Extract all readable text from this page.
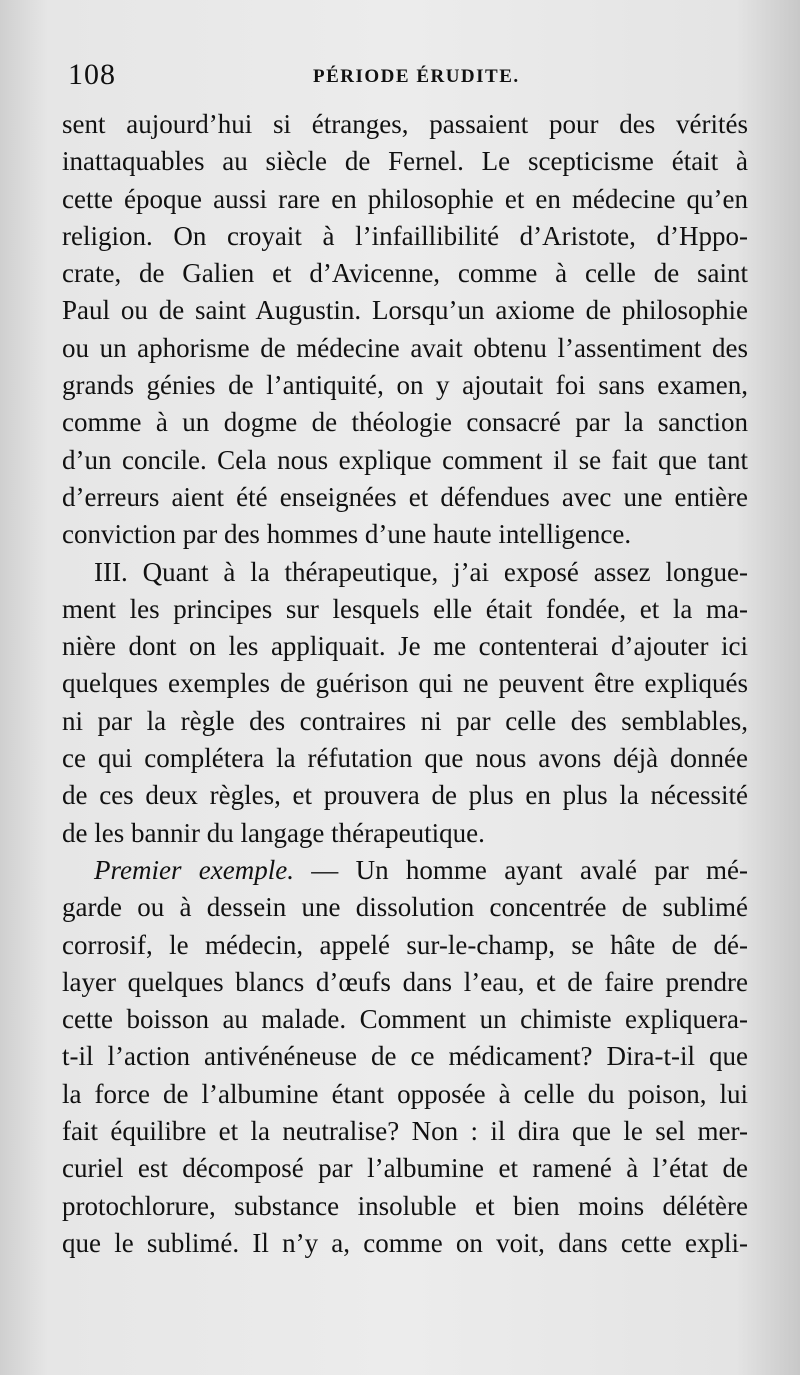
108	PÉRIODE ÉRUDITE.
sent aujourd’hui si étranges, passaient pour des vérités
inattaquables au siècle de Fernel. Le scepticisme était à
cette époque aussi rare en philosophie et en médecine qu’en
religion. On croyait à l’infaillibilité d’Aristote, d’Hppo-
crate, de Galien et d’Avicenne, comme à celle de saint
Paul ou de saint Augustin. Lorsqu’un axiome de philosophie
ou un aphorisme de médecine avait obtenu l’assentiment des
grands génies de l’antiquité, on y ajoutait foi sans examen,
comme à un dogme de théologie consacré par la sanction
d’un concile. Cela nous explique comment il se fait que tant
d’erreurs aient été enseignées et défendues avec une entière
conviction par des hommes d’une haute intelligence.
III. Quant à la thérapeutique, j’ai exposé assez longue-
ment les principes sur lesquels elle était fondée, et la ma-
nière dont on les appliquait. Je me contenterai d’ajouter ici
quelques exemples de guérison qui ne peuvent être expliqués
ni par la règle des contraires ni par celle des semblables,
ce qui complétera la réfutation que nous avons déjà donnée
de ces deux règles, et prouvera de plus en plus la nécessité
de les bannir du langage thérapeutique.
Premier exemple. — Un homme ayant avalé par mé-
garde ou à dessein une dissolution concentrée de sublimé
corrosif, le médecin, appelé sur-le-champ, se hâte de dé-
layer quelques blancs d’œufs dans l’eau, et de faire prendre
cette boisson au malade. Comment un chimiste expliquera-
t-il l’action antivénéneuse de ce médicament? Dira-t-il que
la force de l’albumine étant opposée à celle du poison, lui
fait équilibre et la neutralise? Non : il dira que le sel mer-
curiel est décomposé par l’albumine et ramené à l’état de
protochlorure, substance insoluble et bien moins délétère
que le sublimé. Il n’y a, comme on voit, dans cette expli-
